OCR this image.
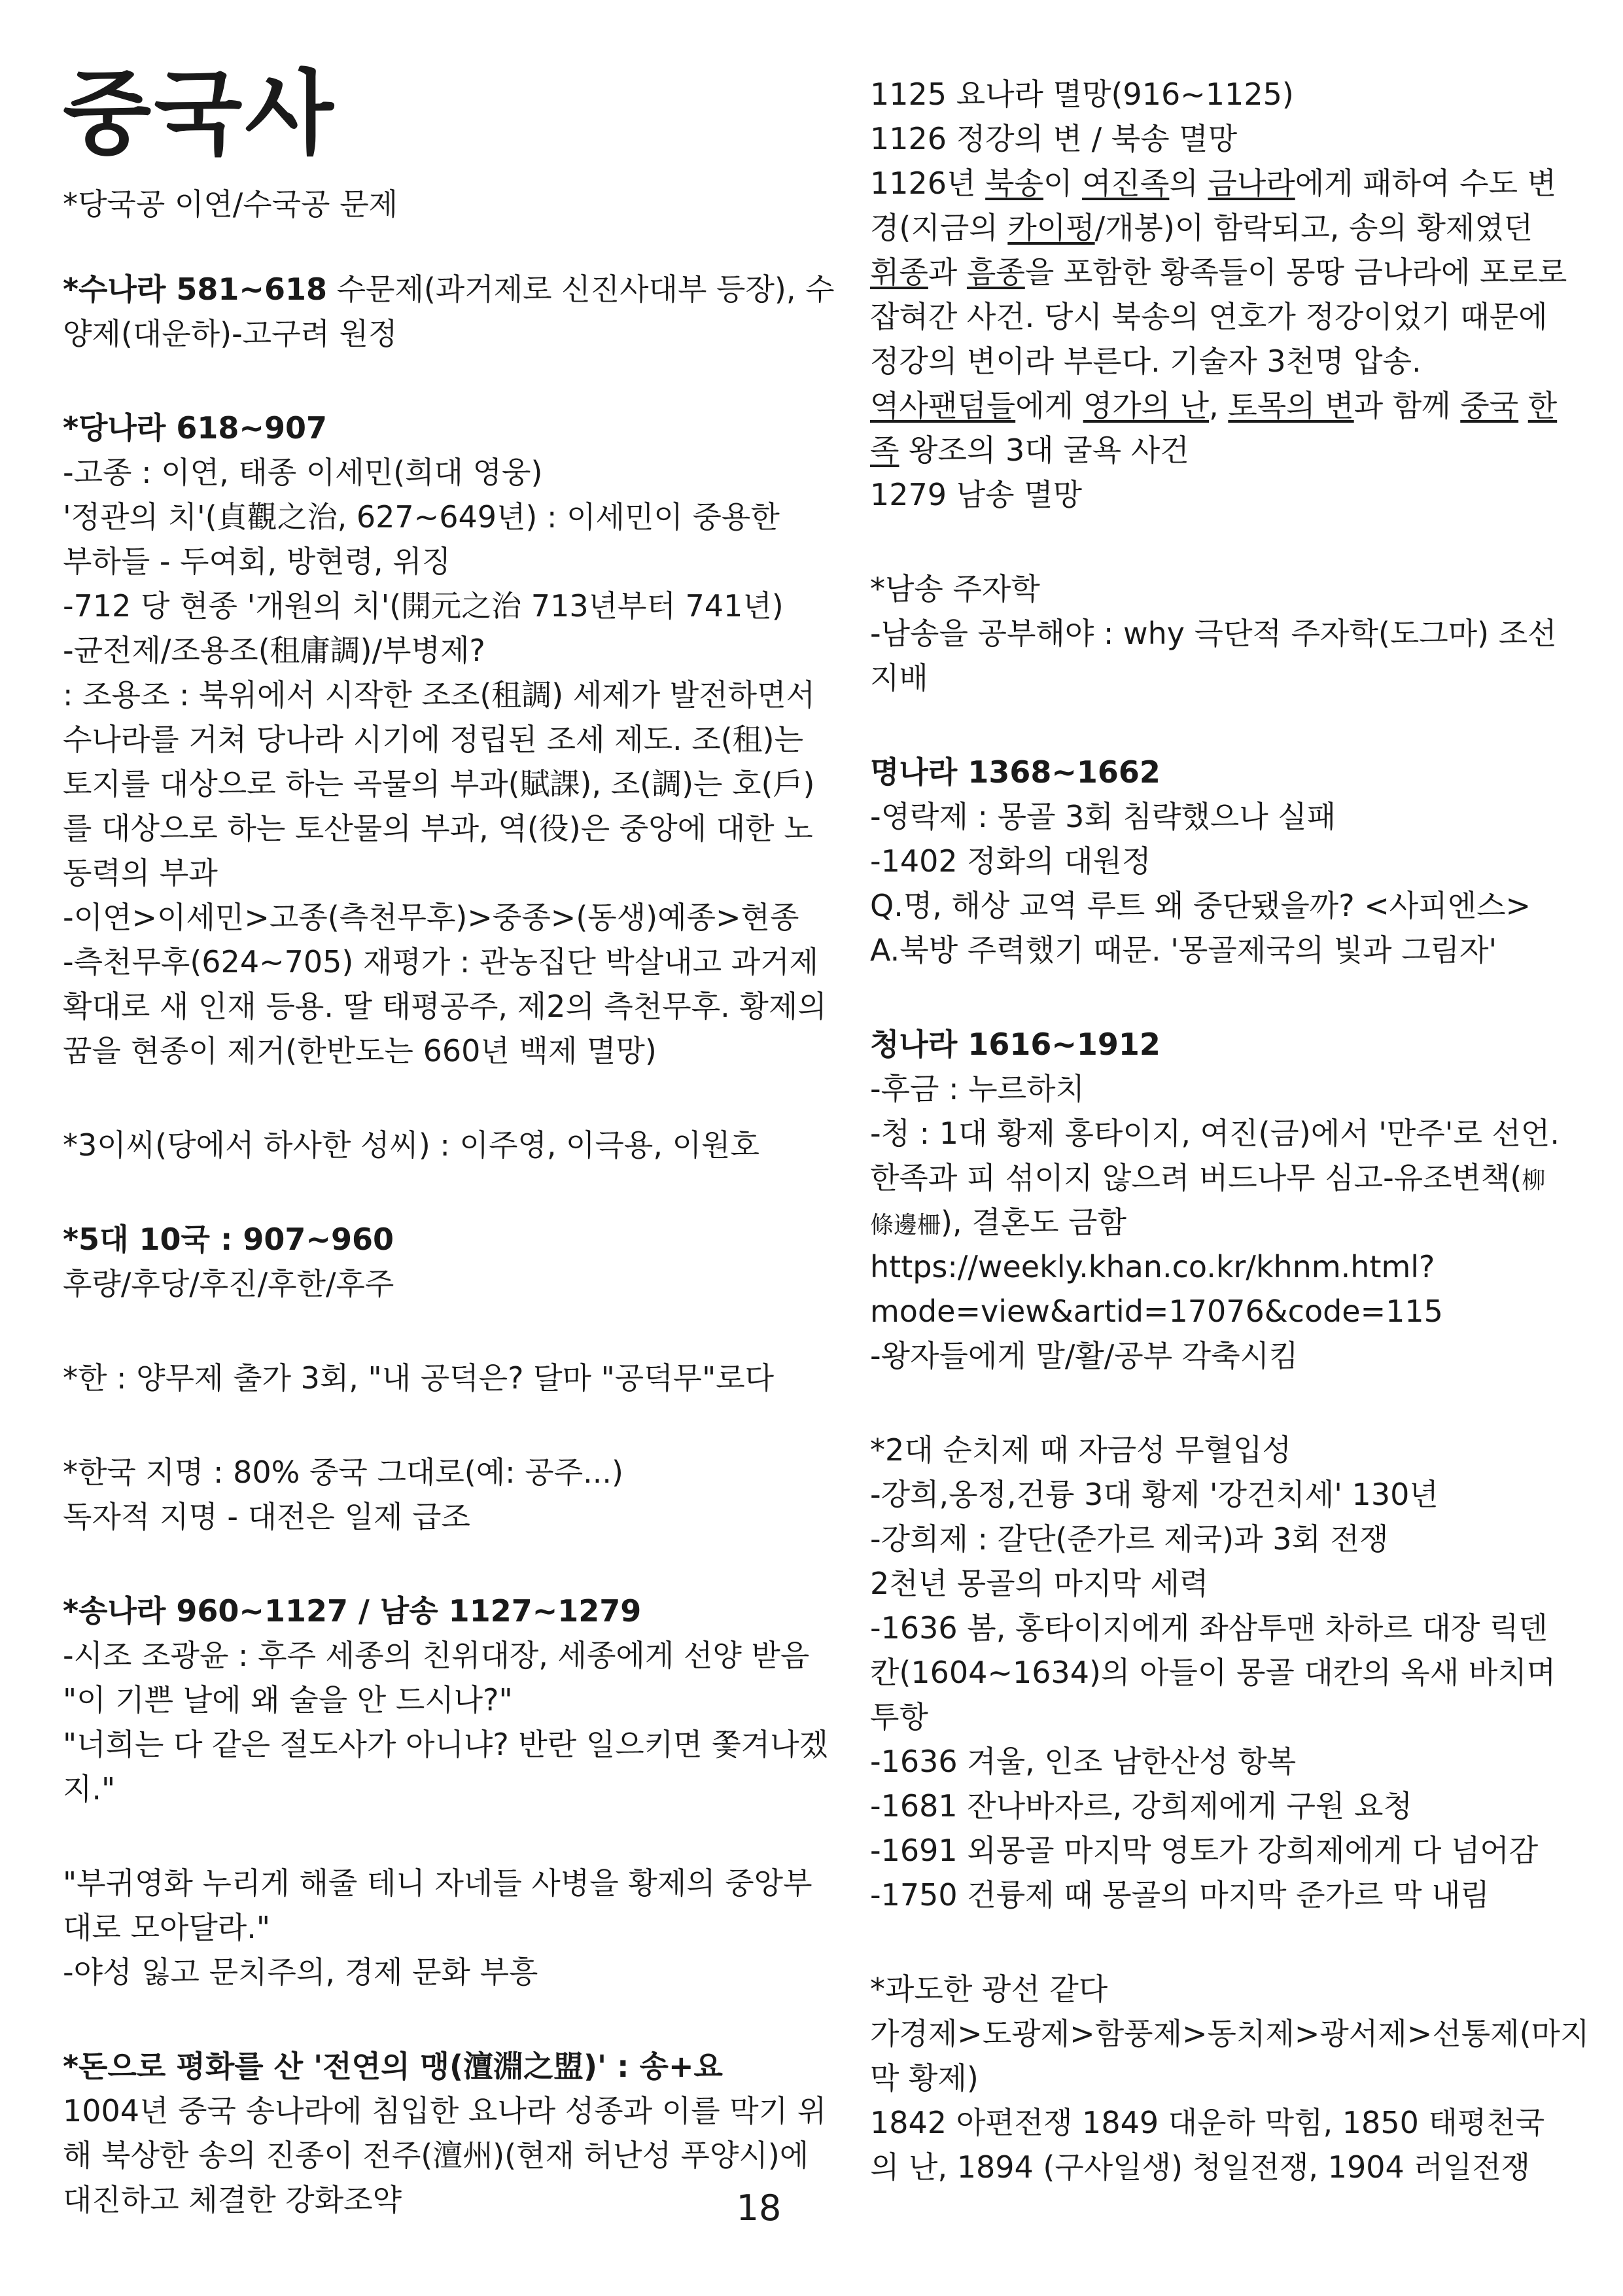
중국사
*당국공 이연/수국공 문제
*수나라 581~618 수문제(과거제로 신진사대부 등장), 수
양제(대운하)-고구려 원정
*당나라 618~907
-고종 : 이연, 태종 이세민(희대 영웅)
'정관의 치'(貞觀之治, 627~649년) : 이세민이 중용한
부하들 - 두여회, 방현령, 위징
-712 당 현종 '개원의 치'(開元之治 713년부터 741년)
-균전제/조용조(租庸調)/부병제?
: 조용조 : 북위에서 시작한 조조(租調) 세제가 발전하면서
수나라를 거쳐 당나라 시기에 정립된 조세 제도. 조(租)는
토지를 대상으로 하는 곡물의 부과(賦課), 조(調)는 호(戶)
를 대상으로 하는 토산물의 부과, 역(役)은 중앙에 대한 노
동력의 부과
-이연>이세민>고종(측천무후)>중종>(동생)예종>현종
-측천무후(624~705) 재평가 : 관농집단 박살내고 과거제
확대로 새 인재 등용. 딸 태평공주, 제2의 측천무후. 황제의
꿈을 현종이 제거(한반도는 660년 백제 멸망)
*3이씨(당에서 하사한 성씨) : 이주영, 이극용, 이원호
*5대 10국 : 907~960
후량/후당/후진/후한/후주
*한 : 양무제 출가 3회, "내 공덕은? 달마 "공덕무"로다
*한국 지명 : 80% 중국 그대로(예: 공주...)
독자적 지명 - 대전은 일제 급조
*송나라 960~1127 / 남송 1127~1279
-시조 조광윤 : 후주 세종의 친위대장, 세종에게 선양 받음
"이 기쁜 날에 왜 술을 안 드시나?"
"너희는 다 같은 절도사가 아니냐? 반란 일으키면 쫓겨나겠
지."
"부귀영화 누리게 해줄 테니 자네들 사병을 황제의 중앙부
대로 모아달라."
-야성 잃고 문치주의, 경제 문화 부흥
*돈으로 평화를 산 '전연의 맹(澶淵之盟)' : 송+요
1004년 중국 송나라에 침입한 요나라 성종과 이를 막기 위
해 북상한 송의 진종이 전주(澶州)(현재 허난성 푸양시)에
대진하고 체결한 강화조약
1125 요나라 멸망(916~1125)
1126 정강의 변 / 북송 멸망
1126년 북송이 여진족의 금나라에게 패하여 수도 변
경(지금의 카이펑/개봉)이 함락되고, 송의 황제였던
휘종과 흠종을 포함한 황족들이 몽땅 금나라에 포로로
잡혀간 사건. 당시 북송의 연호가 정강이었기 때문에
정강의 변이라 부른다. 기술자 3천명 압송.
역사팬덤들에게 영가의 난, 토목의 변과 함께 중국 한
족 왕조의 3대 굴욕 사건
1279 남송 멸망
*남송 주자학
-남송을 공부해야 : why 극단적 주자학(도그마) 조선
지배
명나라 1368~1662
-영락제 : 몽골 3회 침략했으나 실패
-1402 정화의 대원정
Q.명, 해상 교역 루트 왜 중단됐을까? <사피엔스>
A.북방 주력했기 때문. '몽골제국의 빛과 그림자'
청나라 1616~1912
-후금 : 누르하치
-청 : 1대 황제 홍타이지, 여진(금)에서 '만주'로 선언.
한족과 피 섞이지 않으려 버드나무 심고-유조변책(柳
條邊柵), 결혼도 금함
https://weekly.khan.co.kr/khnm.html?
mode=view&artid=17076&code=115
-왕자들에게 말/활/공부 각축시킴
*2대 순치제 때 자금성 무혈입성
-강희,옹정,건륭 3대 황제 '강건치세' 130년
-강희제 : 갈단(준가르 제국)과 3회 전쟁
2천년 몽골의 마지막 세력
-1636 봄, 홍타이지에게 좌삼투맨 차하르 대장 릭덴
칸(1604~1634)의 아들이 몽골 대칸의 옥새 바치며
투항
-1636 겨울, 인조 남한산성 항복
-1681 잔나바자르, 강희제에게 구원 요청
-1691 외몽골 마지막 영토가 강희제에게 다 넘어감
-1750 건륭제 때 몽골의 마지막 준가르 막 내림
*과도한 광선 같다
가경제>도광제>함풍제>동치제>광서제>선통제(마지
막 황제)
1842 아편전쟁 1849 대운하 막힘, 1850 태평천국
의 난, 1894 (구사일생) 청일전쟁, 1904 러일전쟁
18
